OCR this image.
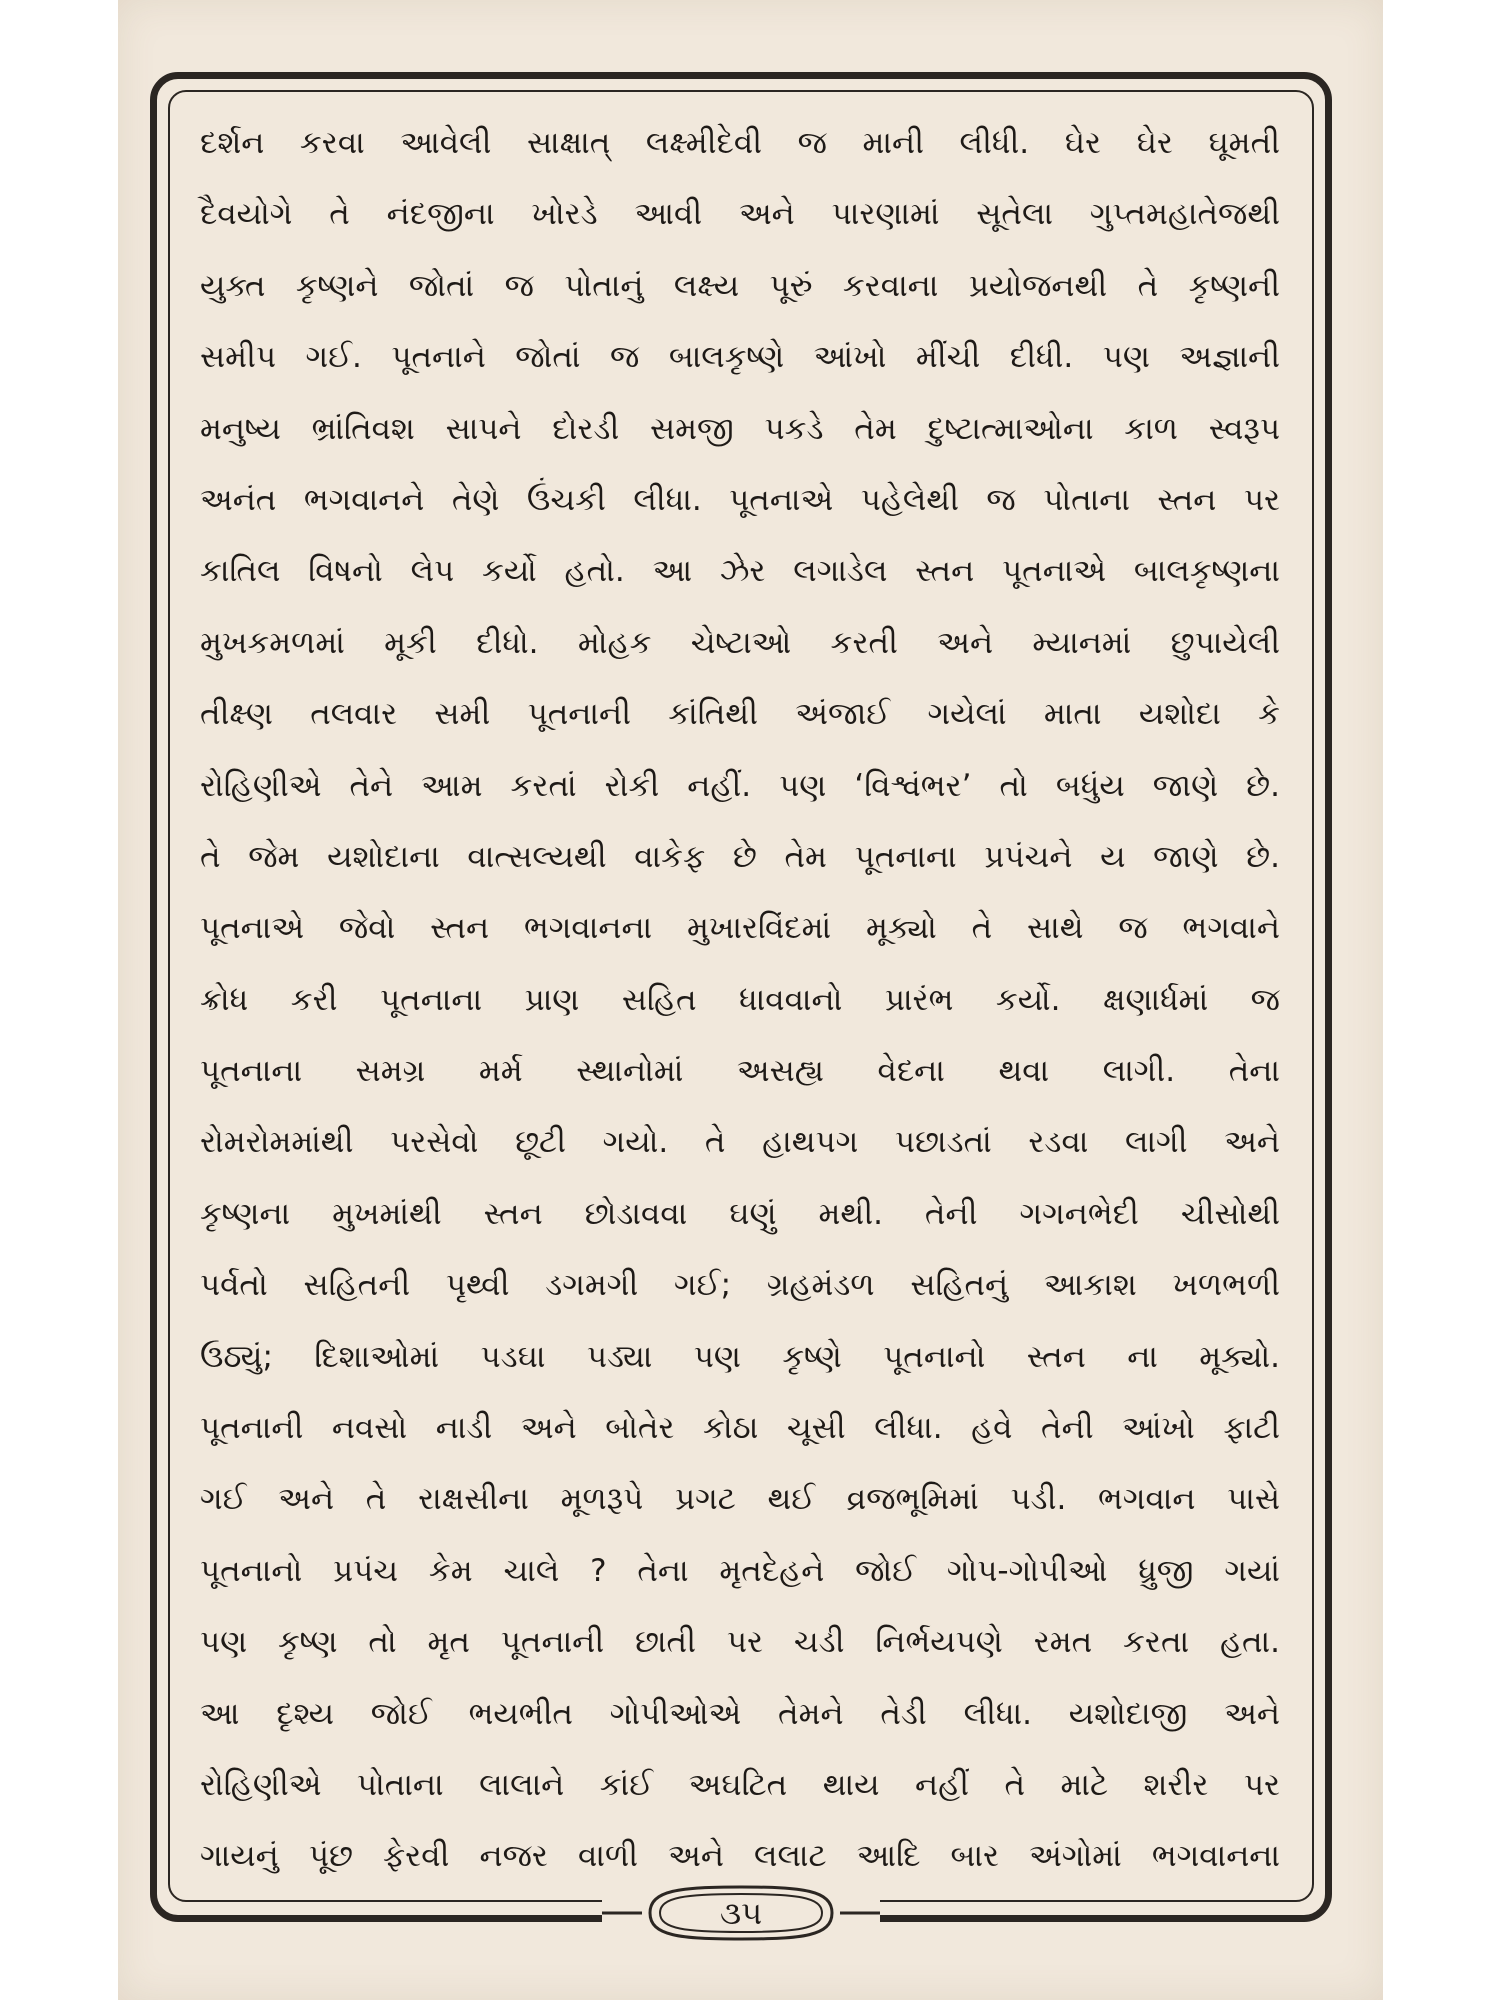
દર્શન કરવા આવેલી સાક્ષાત્‌ લક્ષ્મીદેવી જ માની લીધી. ઘેર ઘેર ઘૂમતી
દૈવયોગે તે નંદજીના ખોરડે આવી અને પારણામાં સૂતેલા ગુપ્તમહાતેજથી
યુક્ત કૃષ્ણને જોતાં જ પોતાનું લક્ષ્ય પૂરું કરવાના પ્રયોજનથી તે કૃષ્ણની
સમીપ ગઈ. પૂતનાને જોતાં જ બાલકૃષ્ણે આંખો મીંચી દીધી. પણ અજ્ઞાની
મનુષ્ય ભ્રાંતિવશ સાપને દોરડી સમજી પકડે તેમ દુષ્ટાત્માઓના કાળ સ્વરૂપ
અનંત ભગવાનને તેણે ઉંચકી લીધા. પૂતનાએ પહેલેથી જ પોતાના સ્તન પર
કાતિલ વિષનો લેપ કર્યો હતો. આ ઝેર લગાડેલ સ્તન પૂતનાએ બાલકૃષ્ણના
મુખકમળમાં મૂકી દીધો. મોહક ચેષ્ટાઓ કરતી અને મ્યાનમાં છુપાયેલી
તીક્ષ્ણ તલવાર સમી પૂતનાની કાંતિથી અંજાઈ ગયેલાં માતા યશોદા કે
રોહિણીએ તેને આમ કરતાં રોકી નહીં. પણ ‘વિશ્વંભર’ તો બધુંય જાણે છે.
તે જેમ યશોદાના વાત્સલ્યથી વાકેફ છે તેમ પૂતનાના પ્રપંચને ય જાણે છે.
પૂતનાએ જેવો સ્તન ભગવાનના મુખારવિંદમાં મૂક્યો તે સાથે જ ભગવાને
ક્રોધ કરી પૂતનાના પ્રાણ સહિત ધાવવાનો પ્રારંભ કર્યો. ક્ષણાર્ધમાં જ
પૂતનાના સમગ્ર મર્મ સ્થાનોમાં અસહ્ય વેદના થવા લાગી. તેના
રોમરોમમાંથી પરસેવો છૂટી ગયો. તે હાથપગ પછાડતાં રડવા લાગી અને
કૃષ્ણના મુખમાંથી સ્તન છોડાવવા ઘણું મથી. તેની ગગનભેદી ચીસોથી
પર્વતો સહિતની પૃથ્વી ડગમગી ગઈ; ગ્રહમંડળ સહિતનું આકાશ ખળભળી
ઉઠ્યું; દિશાઓમાં પડઘા પડ્યા પણ કૃષ્ણે પૂતનાનો સ્તન ના મૂક્યો.
પૂતનાની નવસો નાડી અને બોતેર કોઠા ચૂસી લીધા. હવે તેની આંખો ફાટી
ગઈ અને તે રાક્ષસીના મૂળરૂપે પ્રગટ થઈ વ્રજભૂમિમાં પડી. ભગવાન પાસે
પૂતનાનો પ્રપંચ કેમ ચાલે ? તેના મૃતદેહને જોઈ ગોપ-ગોપીઓ ધ્રુજી ગયાં
પણ કૃષ્ણ તો મૃત પૂતનાની છાતી પર ચડી નિર્ભયપણે રમત કરતા હતા.
આ દૃશ્ય જોઈ ભયભીત ગોપીઓએ તેમને તેડી લીધા. યશોદાજી અને
રોહિણીએ પોતાના લાલાને કાંઈ અઘટિત થાય નહીં તે માટે શરીર પર
ગાયનું પૂંછ ફેરવી નજર વાળી અને લલાટ આદિ બાર અંગોમાં ભગવાનના
૩૫
